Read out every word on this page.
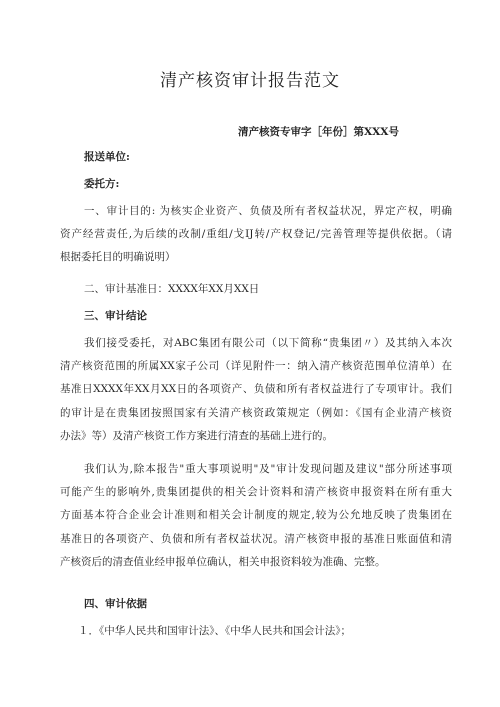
清产核资审计报告范文
清产核资专审字［年份］第XXX号
报送单位:
委托方:
一、审计目的: 为核实企业资产、负债及所有者权益状况，界定产权，明确
资产经营责任,为后续的改制/重组/戈IJ转/产权登记/完善管理等提供依据。（请
根据委托目的明确说明）
二、审计基准日：XXXX年XX月XX日
三、审计结论
我们接受委托，对ABC集团有限公司（以下简称“贵集团〃）及其纳入本次
清产核资范围的所属XX家子公司（详见附件一：纳入清产核资范围单位清单）在
基准日XXXX年XX月XX日的各项资产、负债和所有者权益进行了专项审计。我们
的审计是在贵集团按照国家有关清产核资政策规定（例如：《国有企业清产核资
办法》等）及清产核资工作方案进行清查的基础上进行的。
我们认为,除本报告"重大事项说明"及"审计发现问题及建议"部分所述事项
可能产生的影响外,贵集团提供的相关会计资料和清产核资申报资料在所有重大
方面基本符合企业会计准则和相关会计制度的规定,较为公允地反映了贵集团在
基准日的各项资产、负债和所有者权益状况。清产核资申报的基准日账面值和清
产核资后的清查值业经申报单位确认，相关申报资料较为准确、完整。
四、审计依据
１．《中华人民共和国审计法》、《中华人民共和国会计法》；
